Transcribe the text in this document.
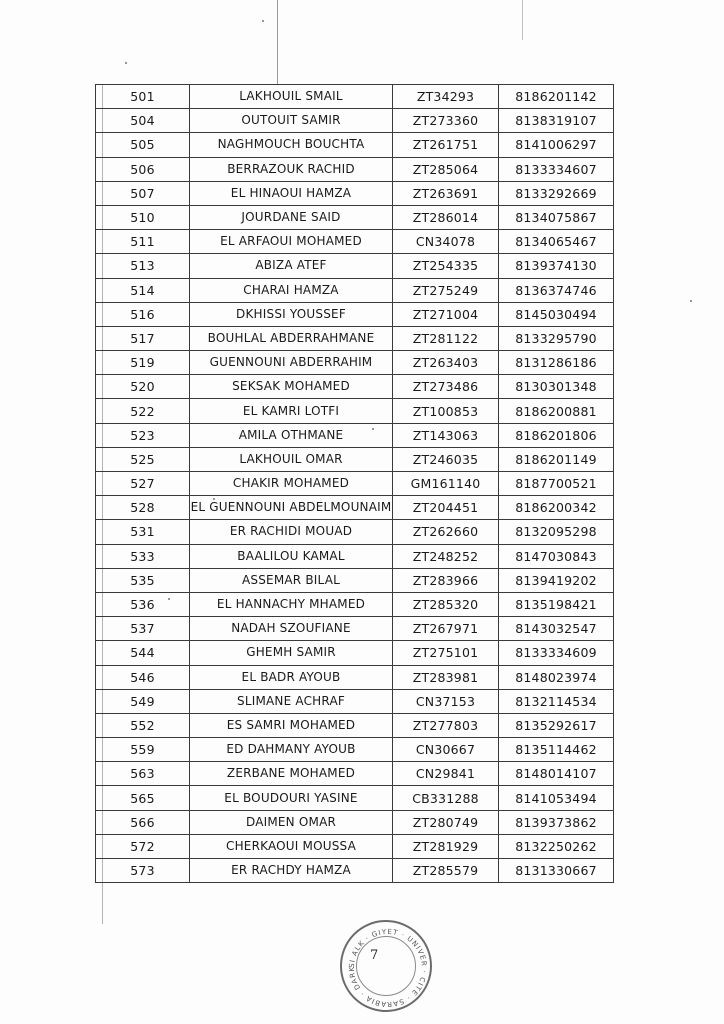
501	LAKHOUIL SMAIL	ZT34293	8186201142
504	OUTOUIT SAMIR	ZT273360	8138319107
505	NAGHMOUCH BOUCHTA	ZT261751	8141006297
506	BERRAZOUK RACHID	ZT285064	8133334607
507	EL HINAOUI HAMZA	ZT263691	8133292669
510	JOURDANE SAID	ZT286014	8134075867
511	EL ARFAOUI MOHAMED	CN34078	8134065467
513	ABIZA ATEF	ZT254335	8139374130
514	CHARAI HAMZA	ZT275249	8136374746
516	DKHISSI YOUSSEF	ZT271004	8145030494
517	BOUHLAL ABDERRAHMANE	ZT281122	8133295790
519	GUENNOUNI ABDERRAHIM	ZT263403	8131286186
520	SEKSAK MOHAMED	ZT273486	8130301348
522	EL KAMRI LOTFI	ZT100853	8186200881
523	AMILA OTHMANE	ZT143063	8186201806
525	LAKHOUIL OMAR	ZT246035	8186201149
527	CHAKIR MOHAMED	GM161140	8187700521
528	EL GUENNOUNI ABDELMOUNAIM	ZT204451	8186200342
531	ER RACHIDI MOUAD	ZT262660	8132095298
533	BAALILOU KAMAL	ZT248252	8147030843
535	ASSEMAR BILAL	ZT283966	8139419202
536	EL HANNACHY MHAMED	ZT285320	8135198421
537	NADAH SZOUFIANE	ZT267971	8143032547
544	GHEMH SAMIR	ZT275101	8133334609
546	EL BADR AYOUB	ZT283981	8148023974
549	SLIMANE ACHRAF	CN37153	8132114534
552	ES SAMRI MOHAMED	ZT277803	8135292617
559	ED DAHMANY AYOUB	CN30667	8135114462
563	ZERBANE MOHAMED	CN29841	8148014107
565	EL BOUDOURI YASINE	CB331288	8141053494
566	DAIMEN OMAR	ZT280749	8139373862
572	CHERKAOUI MOUSSA	ZT281929	8132250262
573	ER RACHDY HAMZA	ZT285579	8131330667
SI ALK · GIYET · UNIVER · CITE · SARABIA · DARK
7
